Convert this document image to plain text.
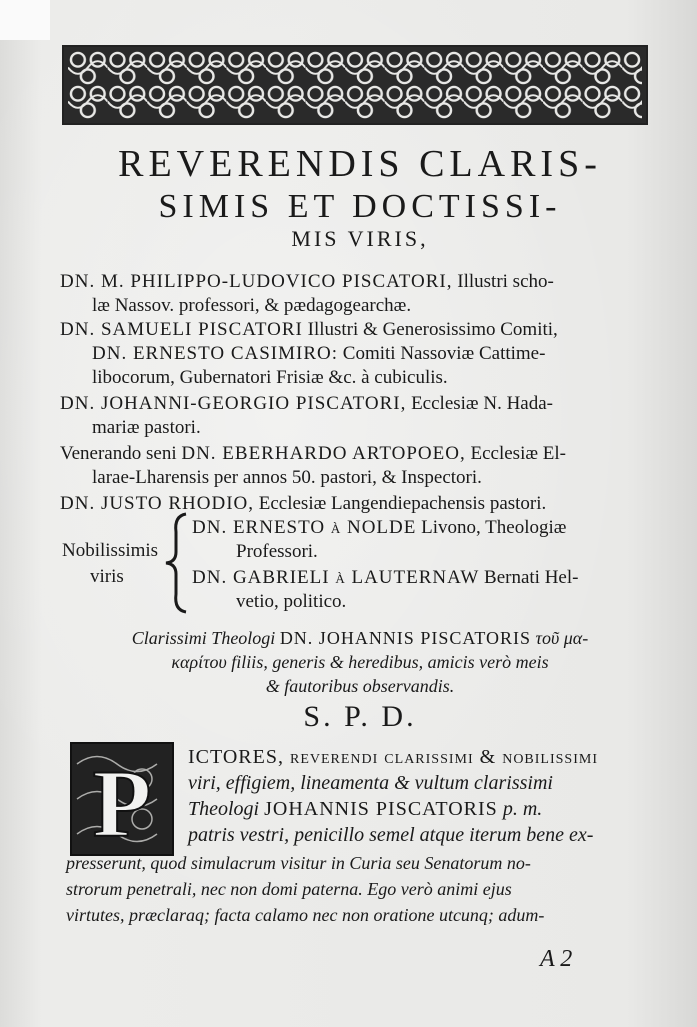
REVERENDIS CLARIS-
SIMIS ET DOCTISSI-
MIS VIRIS,
DN. M. PHILIPPO-LUDOVICO PISCATORI, Illustri scho-
læ Nassov. professori, & pædagogearchæ.
DN. SAMUELI PISCATORI Illustri & Generosissimo Comiti,
DN. ERNESTO CASIMIRO: Comiti Nassoviæ Cattime-
libocorum, Gubernatori Frisiæ &c. à cubiculis.
DN. JOHANNI-GEORGIO PISCATORI, Ecclesiæ N. Hada-
mariæ pastori.
Venerando seni DN. EBERHARDO ARTOPOEO, Ecclesiæ El-
larae-Lharensis per annos 50. pastori, & Inspectori.
DN. JUSTO RHODIO, Ecclesiæ Langendiepachensis pastori.
Nobilissimis
viris
DN. ERNESTO à NOLDE Livono, Theologiæ
Professori.
DN. GABRIELI à LAUTERNAW Bernati Hel-
vetio, politico.
Clarissimi Theologi DN. JOHANNIS PISCATORIS τοῦ μα-
καρίτου filiis, generis & heredibus, amicis verò meis
& fautoribus observandis.
S. P. D.
P ICTORES, reverendi clarissimi & nobilissimi
viri, effigiem, lineamenta & vultum clarissimi
Theologi JOHANNIS PISCATORIS p. m.
patris vestri, penicillo semel atque iterum bene ex-
presserunt, quod simulacrum visitur in Curia seu Senatorum no-
strorum penetrali, nec non domi paterna. Ego verò animi ejus
virtutes, præclaraq; facta calamo nec non oratione utcunq; adum-
A 2
